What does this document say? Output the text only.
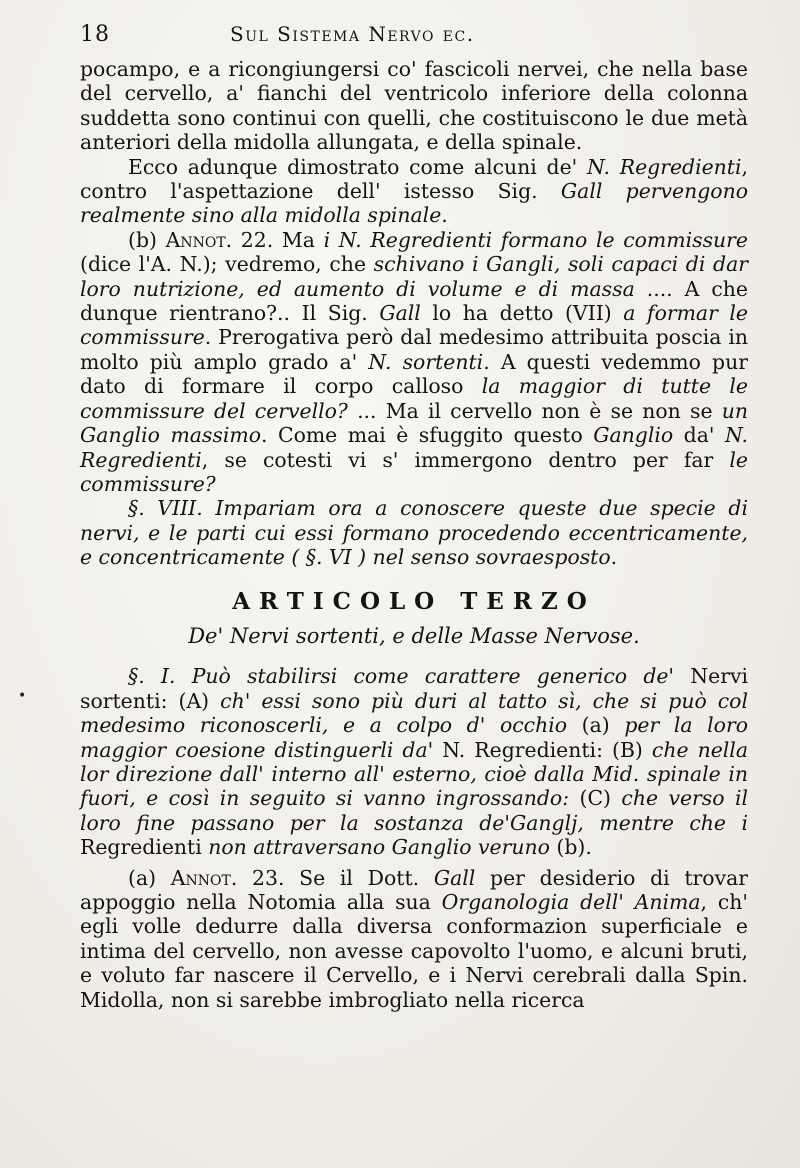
18	Sul Sistema Nervo ec.
•

pocampo, e a ricongiungersi co' fascicoli nervei, che nella base del cervello, a' fianchi del ventricolo inferiore della colonna suddetta sono continui con quelli, che costituiscono le due metà anteriori della midolla allungata, e della spinale.

Ecco adunque dimostrato come alcuni de' N. Regredienti, contro l'aspettazione dell' istesso Sig. Gall pervengono realmente sino alla midolla spinale.

(b) Annot. 22. Ma i N. Regredienti formano le commissure (dice l'A. N.); vedremo, che schivano i Gangli, soli capaci di dar loro nutrizione, ed aumento di volume e di massa .... A che dunque rientrano?.. Il Sig. Gall lo ha detto (VII) a formar le commissure. Prerogativa però dal medesimo attribuita poscia in molto più amplo grado a' N. sortenti. A questi vedemmo pur dato di formare il corpo calloso la maggior di tutte le commissure del cervello? ... Ma il cervello non è se non se un Ganglio massimo. Come mai è sfuggito questo Ganglio da' N. Regredienti, se cotesti vi s' immergono dentro per far le commissure?

§. VIII. Impariam ora a conoscere queste due specie di nervi, e le parti cui essi formano procedendo eccentricamente, e concentricamente ( §. VI ) nel senso sovraesposto.

ARTICOLO TERZO
De' Nervi sortenti, e delle Masse Nervose.

§. I. Può stabilirsi come carattere generico de' Nervi sortenti: (A) ch' essi sono più duri al tatto sì, che si può col medesimo riconoscerli, e a colpo d' occhio (a) per la loro maggior coesione distinguerli da' N. Regredienti: (B) che nella lor direzione dall' interno all' esterno, cioè dalla Mid. spinale in fuori, e così in seguito si vanno ingrossando: (C) che verso il loro fine passano per la sostanza de'Ganglj, mentre che i Regredienti non attraversano Ganglio veruno (b).

(a) Annot. 23. Se il Dott. Gall per desiderio di trovar appoggio nella Notomia alla sua Organologia dell' Anima, ch' egli volle dedurre dalla diversa conformazion superficiale e intima del cervello, non avesse capovolto l'uomo, e alcuni bruti, e voluto far nascere il Cervello, e i Nervi cerebrali dalla Spin. Midolla, non si sarebbe imbrogliato nella ricerca
